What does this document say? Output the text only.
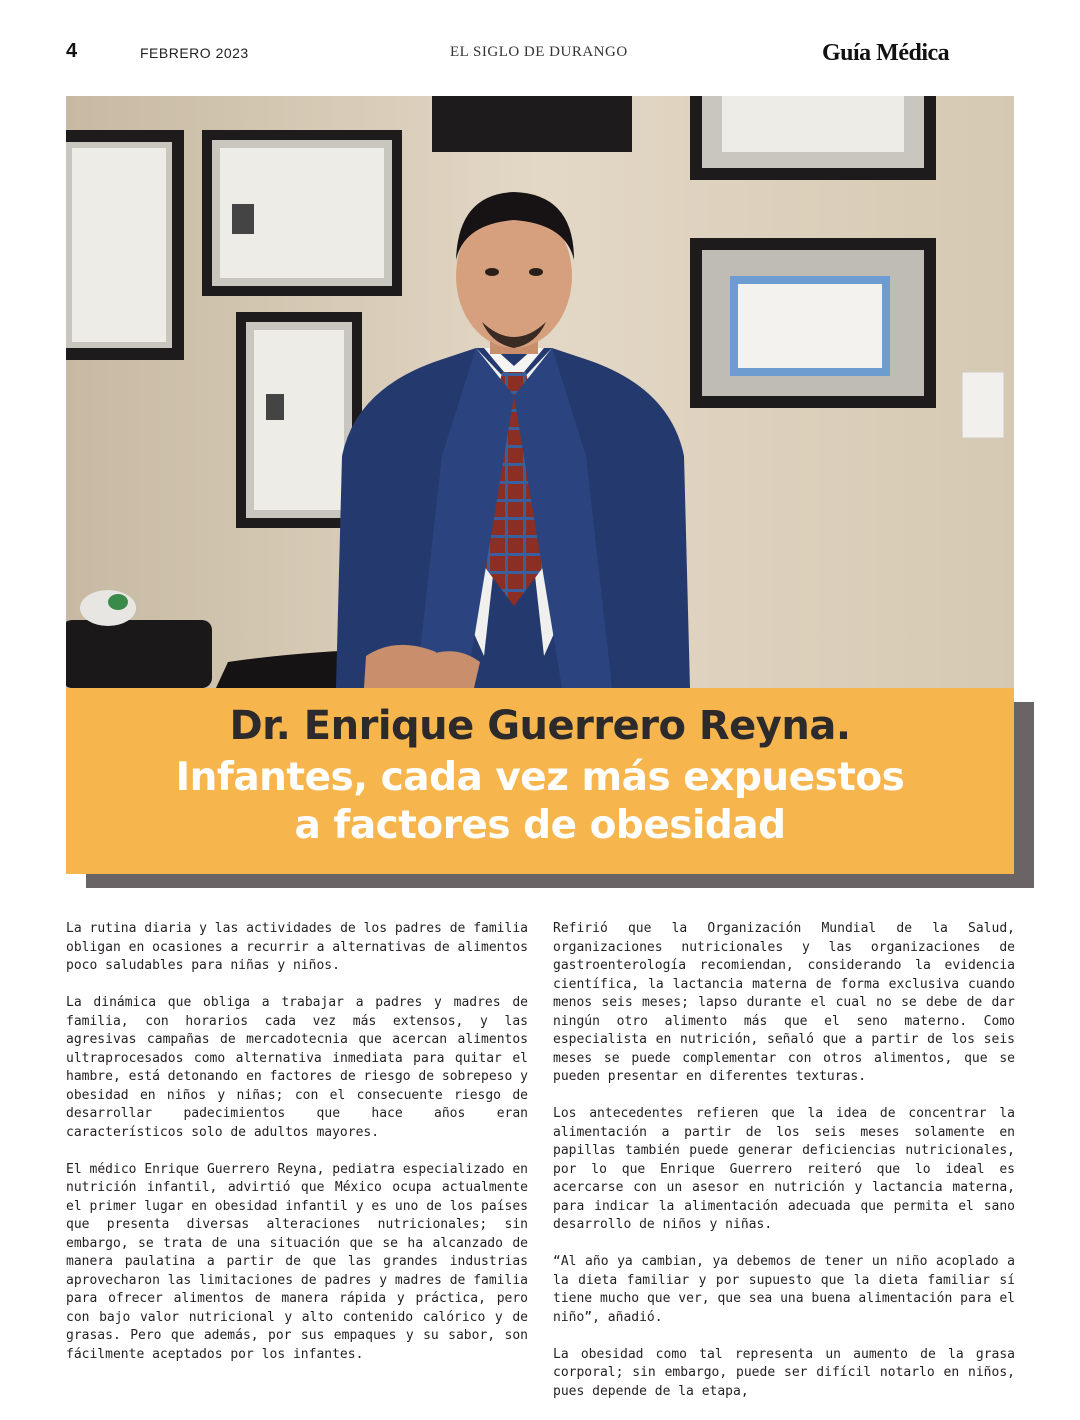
4	FEBRERO 2023	EL SIGLO DE DURANGO	Guía Médica
Dr. Enrique Guerrero Reyna.
Infantes, cada vez más expuestos
a factores de obesidad

La rutina diaria y las actividades de los padres de familia obligan en ocasiones a recurrir a alternativas de alimentos poco saludables para niñas y niños.

La dinámica que obliga a trabajar a padres y madres de familia, con horarios cada vez más extensos, y las agresivas campañas de mercadotecnia que acercan alimentos ultraprocesados como alternativa inmediata para quitar el hambre, está detonando en factores de riesgo de sobrepeso y obesidad en niños y niñas; con el consecuente riesgo de desarrollar padecimientos que hace años eran característicos solo de adultos mayores.

El médico Enrique Guerrero Reyna, pediatra especializado en nutrición infantil, advirtió que México ocupa actualmente el primer lugar en obesidad infantil y es uno de los países que presenta diversas alteraciones nutricionales; sin embargo, se trata de una situación que se ha alcanzado de manera paulatina a partir de que las grandes industrias aprovecharon las limitaciones de padres y madres de familia para ofrecer alimentos de manera rápida y práctica, pero con bajo valor nutricional y alto contenido calórico y de grasas. Pero que además, por sus empaques y su sabor, son fácilmente aceptados por los infantes.

Refirió que la Organización Mundial de la Salud, organizaciones nutricionales y las organizaciones de gastroenterología recomiendan, considerando la evidencia científica, la lactancia materna de forma exclusiva cuando menos seis meses; lapso durante el cual no se debe de dar ningún otro alimento más que el seno materno. Como especialista en nutrición, señaló que a partir de los seis meses se puede complementar con otros alimentos, que se pueden presentar en diferentes texturas.

Los antecedentes refieren que la idea de concentrar la alimentación a partir de los seis meses solamente en papillas también puede generar deficiencias nutricionales, por lo que Enrique Guerrero reiteró que lo ideal es acercarse con un asesor en nutrición y lactancia materna, para indicar la alimentación adecuada que permita el sano desarrollo de niños y niñas.

“Al año ya cambian, ya debemos de tener un niño acoplado a la dieta familiar y por supuesto que la dieta familiar sí tiene mucho que ver, que sea una buena alimentación para el niño”, añadió.

La obesidad como tal representa un aumento de la grasa corporal; sin embargo, puede ser difícil notarlo en niños, pues depende de la etapa,
